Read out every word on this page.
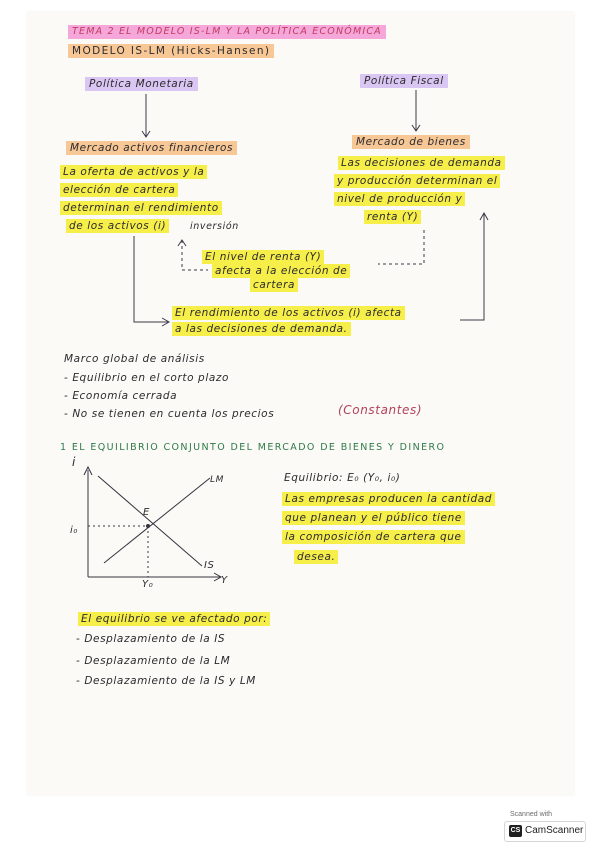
TEMA 2 EL MODELO IS-LM Y LA POLÍTICA ECONÓMICA
MODELO IS-LM (Hicks-Hansen)
Política Monetaria	Política Fiscal
Mercado activos financieros
La oferta de activos y la
elección de cartera
determinan el rendimiento
de los activos (i)	inversión
Mercado de bienes
Las decisiones de demanda
y producción determinan el
nivel de producción y
renta (Y)
El nivel de renta (Y)
afecta a la elección de
cartera
El rendimiento de los activos (i) afecta
a las decisiones de demanda.
Marco global de análisis
- Equilibrio en el corto plazo
- Economía cerrada
- No se tienen en cuenta los precios	(Constantes)
1 EL EQUILIBRIO CONJUNTO DEL MERCADO DE BIENES Y DINERO
Equilibrio: E₀ (Y₀, i₀)
Las empresas producen la cantidad
que planean y el público tiene
la composición de cartera que
desea.
i
Y
LM
IS
E
i₀
Y₀
El equilibrio se ve afectado por:
- Desplazamiento de la IS
- Desplazamiento de la LM
- Desplazamiento de la IS y LM
Scanned with
CS CamScanner
